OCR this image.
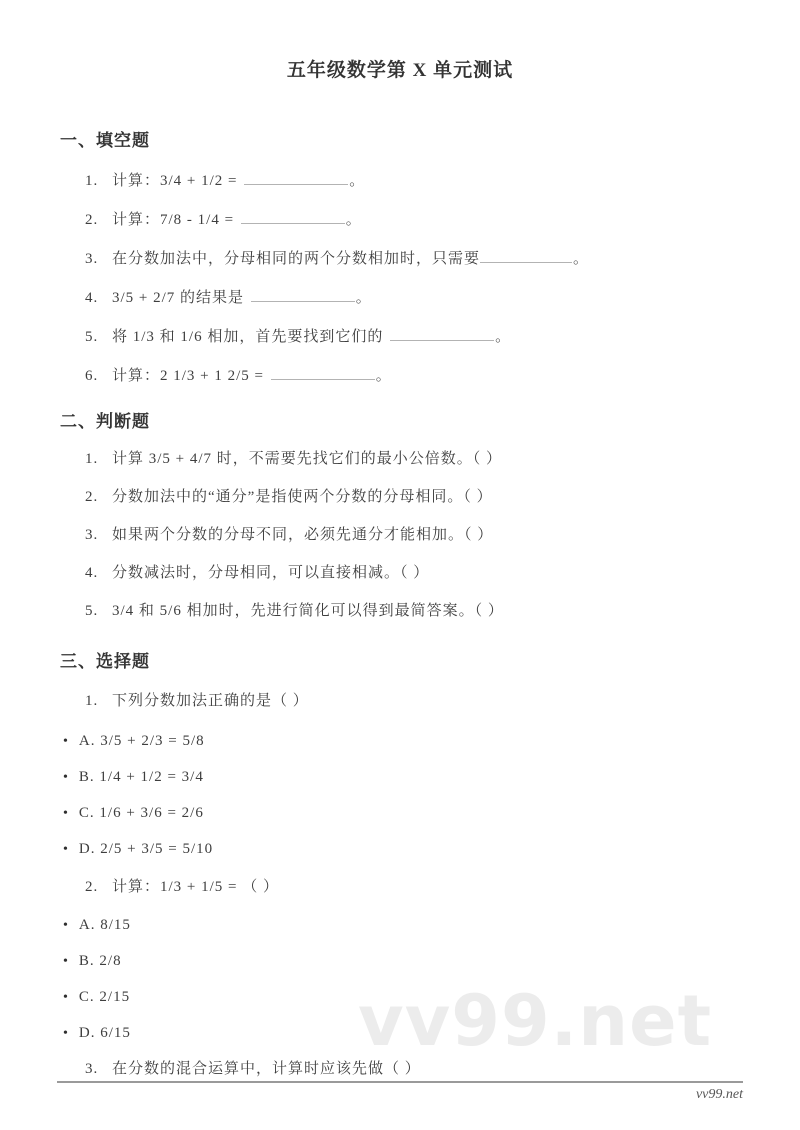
vv99.net
五年级数学第 X 单元测试
一、填空题
1. 计算：3/4 + 1/2 =	。
2. 计算：7/8 - 1/4 =	。
3. 在分数加法中，分母相同的两个分数相加时，只需要	。
4. 3/5 + 2/7 的结果是	。
5. 将 1/3 和 1/6 相加，首先要找到它们的	。
6. 计算：2 1/3 + 1 2/5 =	。
二、判断题
1. 计算 3/5 + 4/7 时，不需要先找它们的最小公倍数。（ ）
2. 分数加法中的“通分”是指使两个分数的分母相同。（ ）
3. 如果两个分数的分母不同，必须先通分才能相加。（ ）
4. 分数减法时，分母相同，可以直接相减。（ ）
5. 3/4 和 5/6 相加时，先进行简化可以得到最简答案。（ ）
三、选择题
1. 下列分数加法正确的是（ ）
• A. 3/5 + 2/3 = 5/8
• B. 1/4 + 1/2 = 3/4
• C. 1/6 + 3/6 = 2/6
• D. 2/5 + 3/5 = 5/10
2. 计算：1/3 + 1/5 = （ ）
• A. 8/15
• B. 2/8
• C. 2/15
• D. 6/15
3. 在分数的混合运算中，计算时应该先做（ ）
vv99.net
